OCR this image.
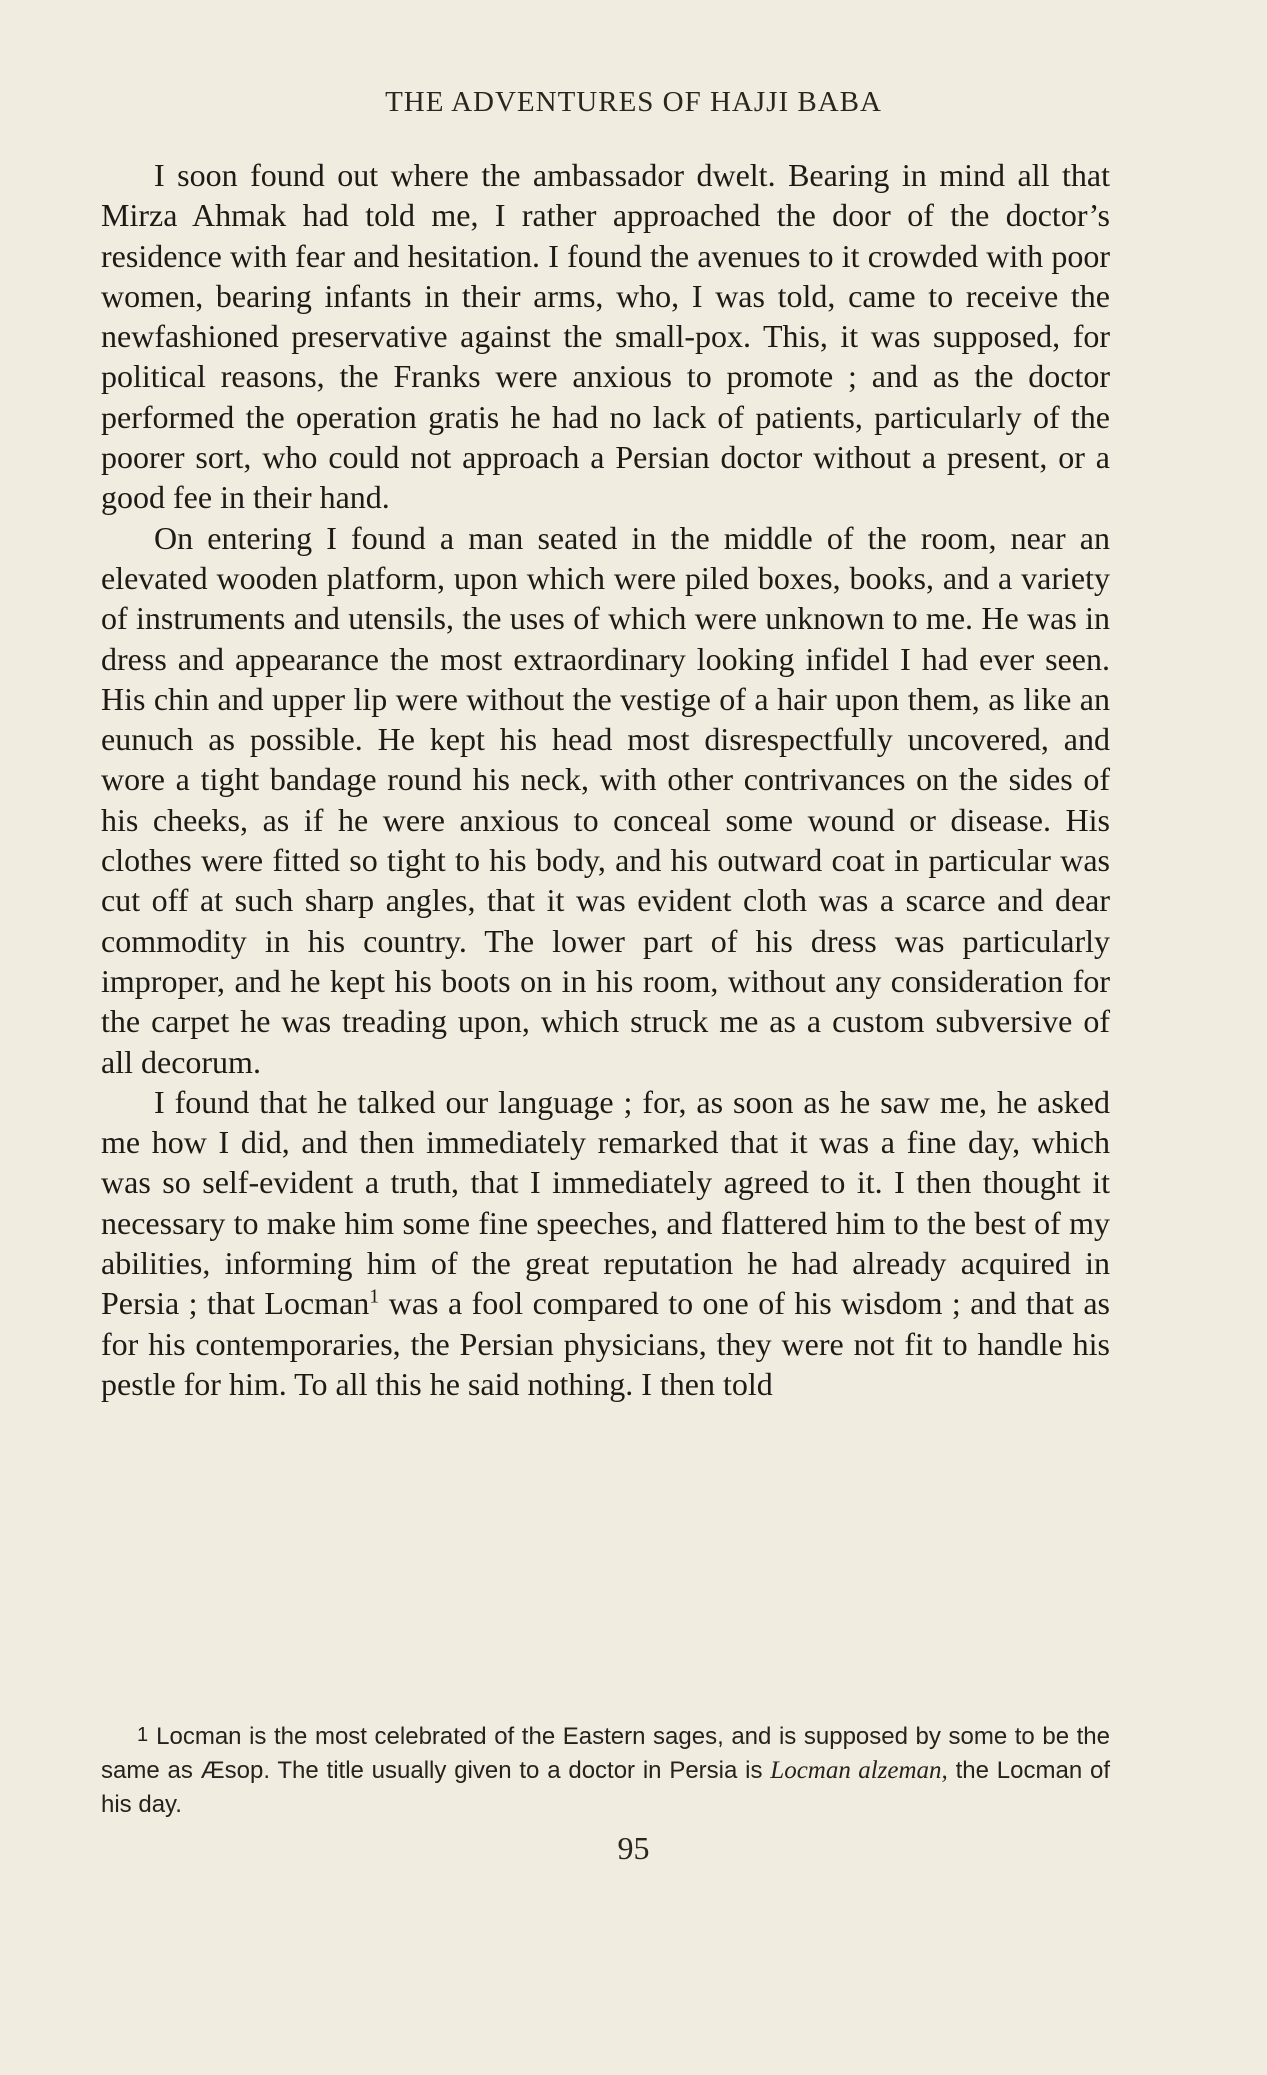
THE ADVENTURES OF HAJJI BABA

I soon found out where the ambassador dwelt. Bearing in mind all that Mirza Ahmak had told me, I rather approached the door of the doctor’s residence with fear and hesitation. I found the avenues to it crowded with poor women, bearing infants in their arms, who, I was told, came to receive the newfashioned preservative against the small-pox. This, it was supposed, for political reasons, the Franks were anxious to promote ; and as the doctor performed the operation gratis he had no lack of patients, particularly of the poorer sort, who could not approach a Persian doctor without a present, or a good fee in their hand.

On entering I found a man seated in the middle of the room, near an elevated wooden platform, upon which were piled boxes, books, and a variety of instruments and utensils, the uses of which were unknown to me. He was in dress and appearance the most extraordinary looking infidel I had ever seen. His chin and upper lip were without the vestige of a hair upon them, as like an eunuch as possible. He kept his head most disrespectfully uncovered, and wore a tight bandage round his neck, with other contrivances on the sides of his cheeks, as if he were anxious to conceal some wound or disease. His clothes were fitted so tight to his body, and his outward coat in particular was cut off at such sharp angles, that it was evident cloth was a scarce and dear commodity in his country. The lower part of his dress was particularly improper, and he kept his boots on in his room, without any consideration for the carpet he was treading upon, which struck me as a custom subversive of all decorum.

I found that he talked our language ; for, as soon as he saw me, he asked me how I did, and then immediately remarked that it was a fine day, which was so self-evident a truth, that I immediately agreed to it. I then thought it necessary to make him some fine speeches, and flattered him to the best of my abilities, informing him of the great reputation he had already acquired in Persia ; that Locman$^1$ was a fool compared to one of his wisdom ; and that as for his contemporaries, the Persian physicians, they were not fit to handle his pestle for him. To all this he said nothing. I then told

1 Locman is the most celebrated of the Eastern sages, and is supposed by some to be the same as Æsop. The title usually given to a doctor in Persia is Locman alzeman, the Locman of his day.
95
